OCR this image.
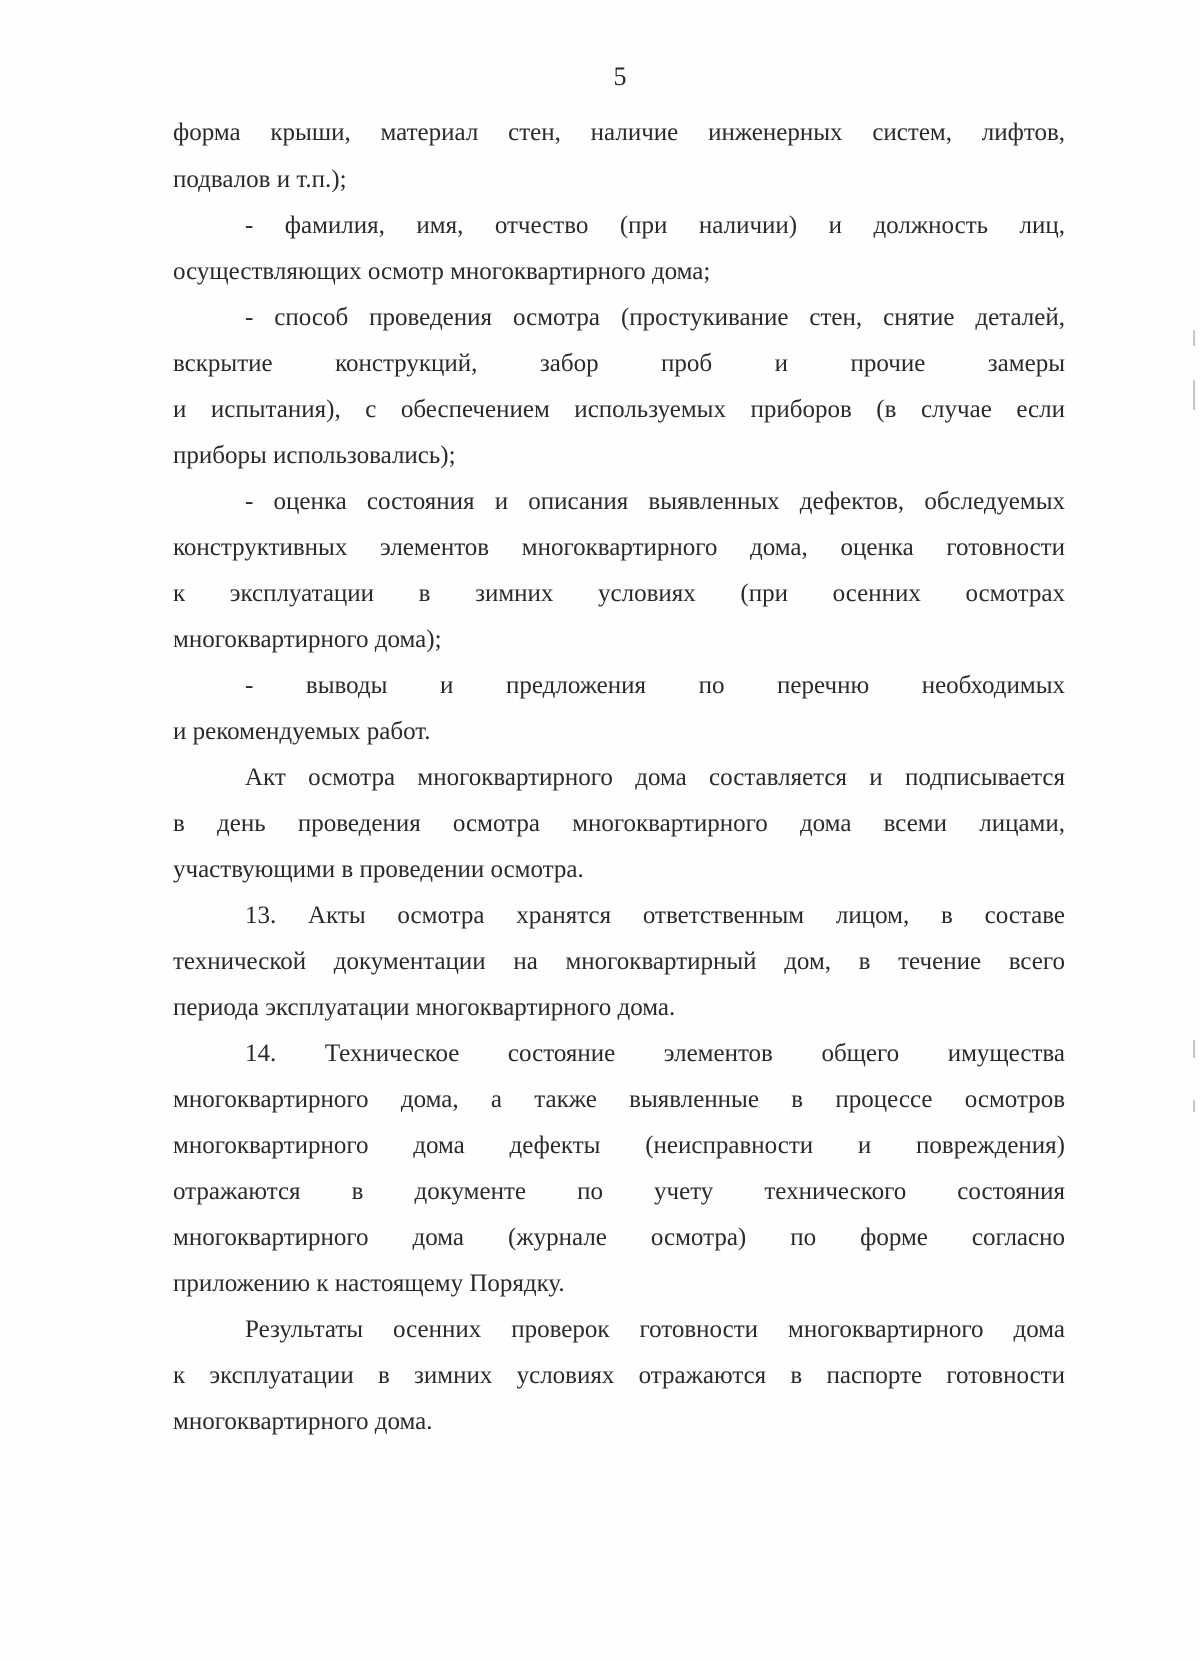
5
форма крыши, материал стен, наличие инженерных систем, лифтов,
подвалов и т.п.);
- фамилия, имя, отчество (при наличии) и должность лиц,
осуществляющих осмотр многоквартирного дома;
- способ проведения осмотра (простукивание стен, снятие деталей,
вскрытие конструкций, забор проб и прочие замеры
и испытания), с обеспечением используемых приборов (в случае если
приборы использовались);
- оценка состояния и описания выявленных дефектов, обследуемых
конструктивных элементов многоквартирного дома, оценка готовности
к эксплуатации в зимних условиях (при осенних осмотрах
многоквартирного дома);
- выводы и предложения по перечню необходимых
и рекомендуемых работ.
Акт осмотра многоквартирного дома составляется и подписывается
в день проведения осмотра многоквартирного дома всеми лицами,
участвующими в проведении осмотра.
13. Акты осмотра хранятся ответственным лицом, в составе
технической документации на многоквартирный дом, в течение всего
периода эксплуатации многоквартирного дома.
14. Техническое состояние элементов общего имущества
многоквартирного дома, а также выявленные в процессе осмотров
многоквартирного дома дефекты (неисправности и повреждения)
отражаются в документе по учету технического состояния
многоквартирного дома (журнале осмотра) по форме согласно
приложению к настоящему Порядку.
Результаты осенних проверок готовности многоквартирного дома
к эксплуатации в зимних условиях отражаются в паспорте готовности
многоквартирного дома.
